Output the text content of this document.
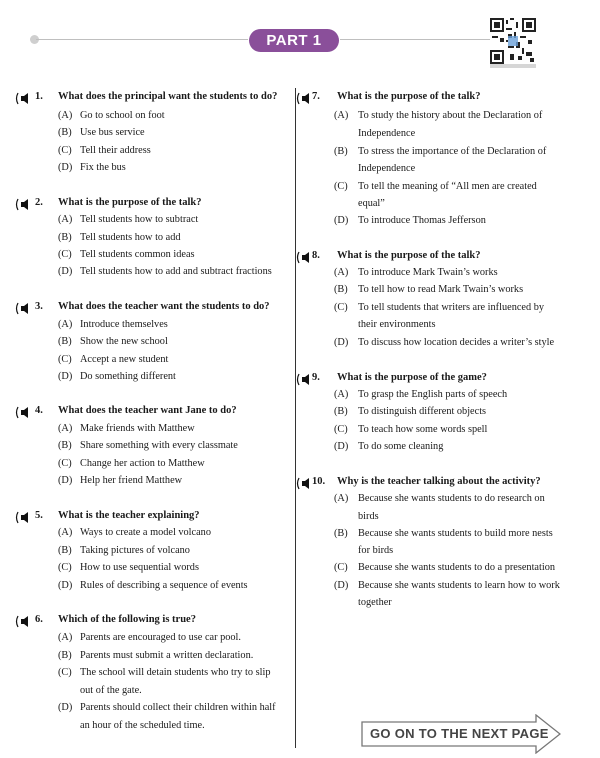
PART 1
1. What does the principal want the students to do?
(A) Go to school on foot
(B) Use bus service
(C) Tell their address
(D) Fix the bus
2. What is the purpose of the talk?
(A) Tell students how to subtract
(B) Tell students how to add
(C) Tell students common ideas
(D) Tell students how to add and subtract fractions
3. What does the teacher want the students to do?
(A) Introduce themselves
(B) Show the new school
(C) Accept a new student
(D) Do something different
4. What does the teacher want Jane to do?
(A) Make friends with Matthew
(B) Share something with every classmate
(C) Change her action to Matthew
(D) Help her friend Matthew
5. What is the teacher explaining?
(A) Ways to create a model volcano
(B) Taking pictures of volcano
(C) How to use sequential words
(D) Rules of describing a sequence of events
6. Which of the following is true?
(A) Parents are encouraged to use car pool.
(B) Parents must submit a written declaration.
(C) The school will detain students who try to slip
(D) Parents should collect their children within half
out of the gate.
an hour of the scheduled time.
7. What is the purpose of the talk?
(A) To study the history about the Declaration of
(B) To stress the importance of the Declaration of
(C) To tell the meaning of “All men are created
(D) To introduce Thomas Jefferson
Independence
Independence
equal”
8. What is the purpose of the talk?
(A) To introduce Mark Twain’s works
(B) To tell how to read Mark Twain’s works
(C) To tell students that writers are influenced by
(D) To discuss how location decides a writer’s style
their environments
9. What is the purpose of the game?
(A) To grasp the English parts of speech
(B) To distinguish different objects
(C) To teach how some words spell
(D) To do some cleaning
10. Why is the teacher talking about the activity?
(A) Because she wants students to do research on
(B) Because she wants students to build more nests
(C) Because she wants students to do a presentation
(D) Because she wants students to learn how to work
birds
for birds
together
GO ON TO THE NEXT PAGE
